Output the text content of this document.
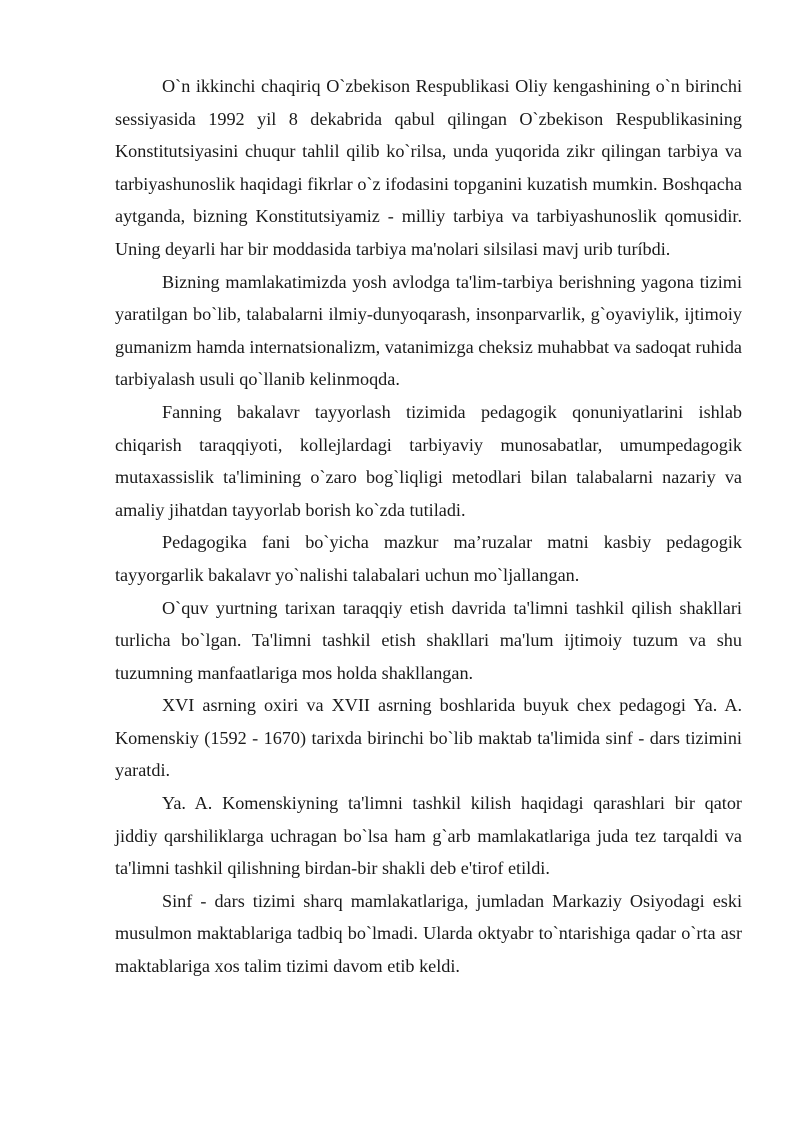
O`n ikkinchi chaqiriq O`zbekison Respublikasi Oliy kengashining o`n birinchi sessiyasida 1992 yil 8 dekabrida qabul qilingan O`zbekison Respublikasining Konstitutsiyasini chuqur tahlil qilib ko`rilsa, unda yuqorida zikr qilingan tarbiya va tarbiyashunoslik haqidagi fikrlar o`z ifodasini topganini kuzatish mumkin. Boshqacha aytganda, bizning Konstitutsiyamiz - milliy tarbiya va tarbiyashunoslik qomusidir. Uning deyarli har bir moddasida tarbiya ma'nolari silsilasi mavj urib turíbdi.

Bizning mamlakatimizda yosh avlodga ta'lim-tarbiya berishning yagona tizimi yaratilgan bo`lib, talabalarni ilmiy-dunyoqarash, insonparvarlik, g`oyaviylik, ijtimoiy gumanizm hamda internatsionalizm, vatanimizga cheksiz muhabbat va sadoqat ruhida tarbiyalash usuli qo`llanib kelinmoqda.

Fanning bakalavr tayyorlash tizimida pedagogik qonuniyatlarini ishlab chiqarish taraqqiyoti, kollejlardagi tarbiyaviy munosabatlar, umumpedagogik mutaxassislik ta'limining o`zaro bog`liqligi metodlari bilan talabalarni nazariy va amaliy jihatdan tayyorlab borish ko`zda tutiladi.

Pedagogika fani bo`yicha mazkur ma’ruzalar matni kasbiy pedagogik tayyorgarlik bakalavr yo`nalishi talabalari uchun mo`ljallangan.

O`quv yurtning tarixan taraqqiy etish davrida ta'limni tashkil qilish shakllari turlicha bo`lgan. Ta'limni tashkil etish shakllari ma'lum ijtimoiy tuzum va shu tuzumning manfaatlariga mos holda shakllangan.

XVI asrning oxiri va XVII asrning boshlarida buyuk chex pedagogi Ya. A. Komenskiy (1592 - 1670) tarixda birinchi bo`lib maktab ta'limida sinf - dars tizimini yaratdi.

Ya. A. Komenskiyning ta'limni tashkil kilish haqidagi qarashlari bir qator jiddiy qarshiliklarga uchragan bo`lsa ham g`arb mamlakatlariga juda tez tarqaldi va ta'limni tashkil qilishning birdan-bir shakli deb e'tirof etildi.

Sinf - dars tizimi sharq mamlakatlariga, jumladan Markaziy Osiyodagi eski musulmon maktablariga tadbiq bo`lmadi. Ularda oktyabr to`ntarishiga qadar o`rta asr maktablariga xos talim tizimi davom etib keldi.
